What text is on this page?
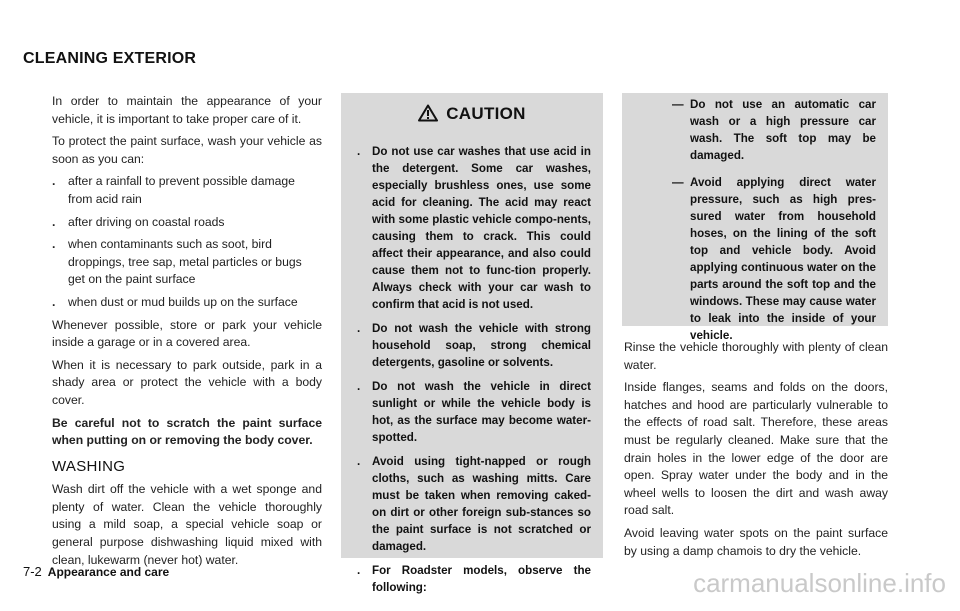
CLEANING EXTERIOR

In order to maintain the appearance of your vehicle, it is important to take proper care of it.

To protect the paint surface, wash your vehicle as soon as you can:

. after a rainfall to prevent possible damage from acid rain
. after driving on coastal roads
. when contaminants such as soot, bird droppings, tree sap, metal particles or bugs get on the paint surface
. when dust or mud builds up on the surface

Whenever possible, store or park your vehicle inside a garage or in a covered area.

When it is necessary to park outside, park in a shady area or protect the vehicle with a body cover.

Be careful not to scratch the paint surface when putting on or removing the body cover.

WASHING

Wash dirt off the vehicle with a wet sponge and plenty of water. Clean the vehicle thoroughly using a mild soap, a special vehicle soap or general purpose dishwashing liquid mixed with clean, lukewarm (never hot) water.

CAUTION
. Do not use car washes that use acid in the detergent. Some car washes, especially brushless ones, use some acid for cleaning. The acid may react with some plastic vehicle compo-nents, causing them to crack. This could affect their appearance, and also could cause them not to func-tion properly. Always check with your car wash to confirm that acid is not used.
. Do not wash the vehicle with strong household soap, strong chemical detergents, gasoline or solvents.
. Do not wash the vehicle in direct sunlight or while the vehicle body is hot, as the surface may become water-spotted.
. Avoid using tight-napped or rough cloths, such as washing mitts. Care must be taken when removing caked-on dirt or other foreign sub-stances so the paint surface is not scratched or damaged.
. For Roadster models, observe the following:
— Do not use an automatic car wash or a high pressure car wash. The soft top may be damaged.
— Avoid applying direct water pressure, such as high pres-sured water from household hoses, on the lining of the soft top and vehicle body. Avoid applying continuous water on the parts around the soft top and the windows. These may cause water to leak into the inside of your vehicle.

Rinse the vehicle thoroughly with plenty of clean water.

Inside flanges, seams and folds on the doors, hatches and hood are particularly vulnerable to the effects of road salt. Therefore, these areas must be regularly cleaned. Make sure that the drain holes in the lower edge of the door are open. Spray water under the body and in the wheel wells to loosen the dirt and wash away road salt.

Avoid leaving water spots on the paint surface by using a damp chamois to dry the vehicle.

7-2 Appearance and care	carmanualsonline.info
